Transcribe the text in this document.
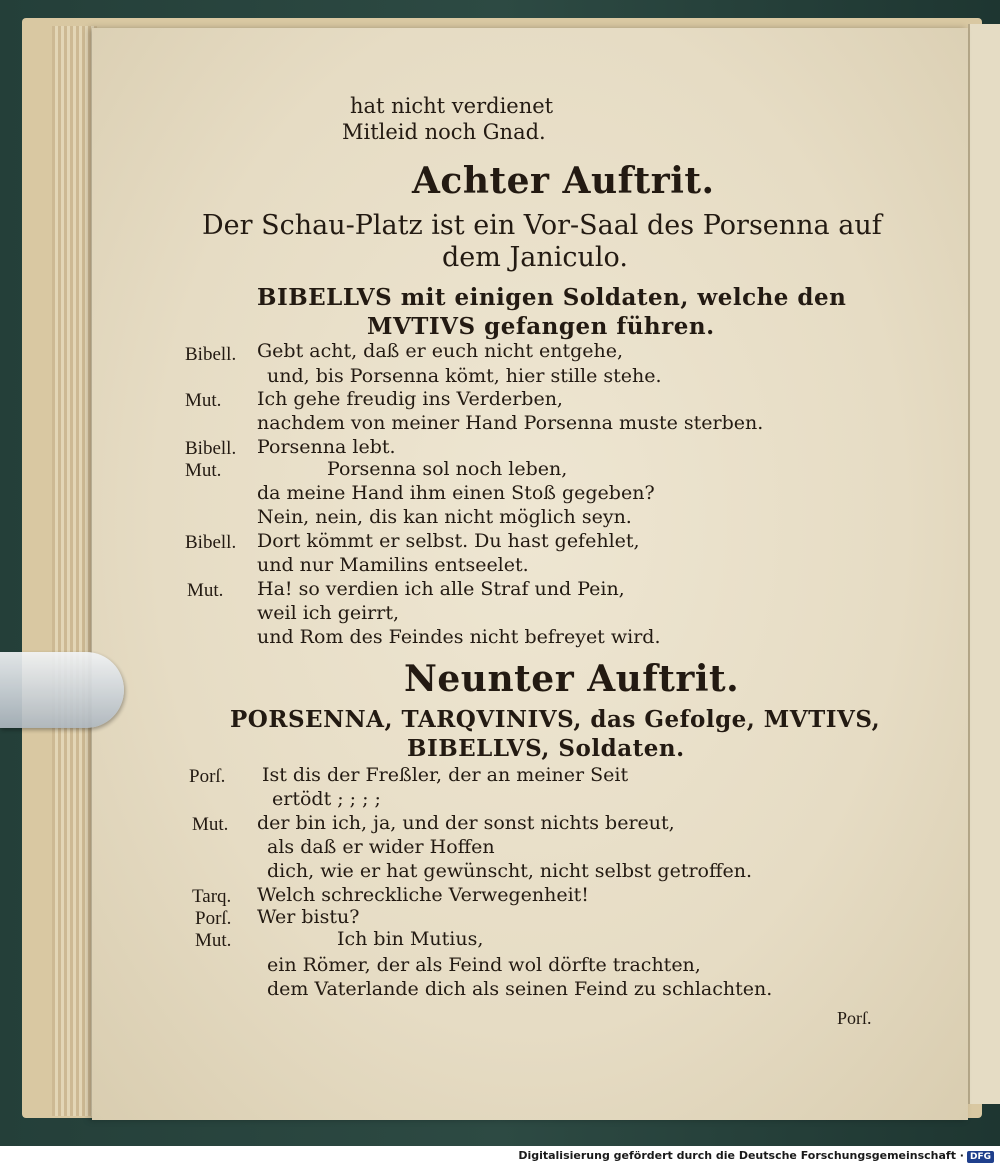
hat nicht verdienet
Mitleid noch Gnad.
Achter Auftrit.
Der Schau-Platz ist ein Vor-Saal des Porsenna auf
dem Janiculo.
BIBELLVS mit einigen Soldaten, welche den
MVTIVS gefangen führen.
Bibell. Gebt acht, daß er euch nicht entgehe,
und, bis Porsenna kömt, hier stille stehe.
Mut. Ich gehe freudig ins Verderben,
nachdem von meiner Hand Porsenna muste sterben.
Bibell. Porsenna lebt.
Mut.	Porsenna sol noch leben,
da meine Hand ihm einen Stoß gegeben?
Nein, nein, dis kan nicht möglich seyn.
Bibell. Dort kömmt er selbst. Du hast gefehlet,
und nur Mamilins entseelet.
Mut. Ha! so verdien ich alle Straf und Pein,
weil ich geirrt,
und Rom des Feindes nicht befreyet wird.
Neunter Auftrit.
PORSENNA, TARQVINIVS, das Gefolge, MVTIVS,
BIBELLVS, Soldaten.
Porſ. Ist dis der Freßler, der an meiner Seit
ertödt ; ; ; ;
Mut. der bin ich, ja, und der sonst nichts bereut,
als daß er wider Hoffen
dich, wie er hat gewünscht, nicht selbst getroffen.
Tarq. Welch schreckliche Verwegenheit!
Porſ. Wer bistu?
Mut.	Ich bin Mutius,
ein Römer, der als Feind wol dörfte trachten,
dem Vaterlande dich als seinen Feind zu schlachten.
Porſ.
Digitalisierung gefördert durch die Deutsche Forschungsgemeinschaft · DFG
